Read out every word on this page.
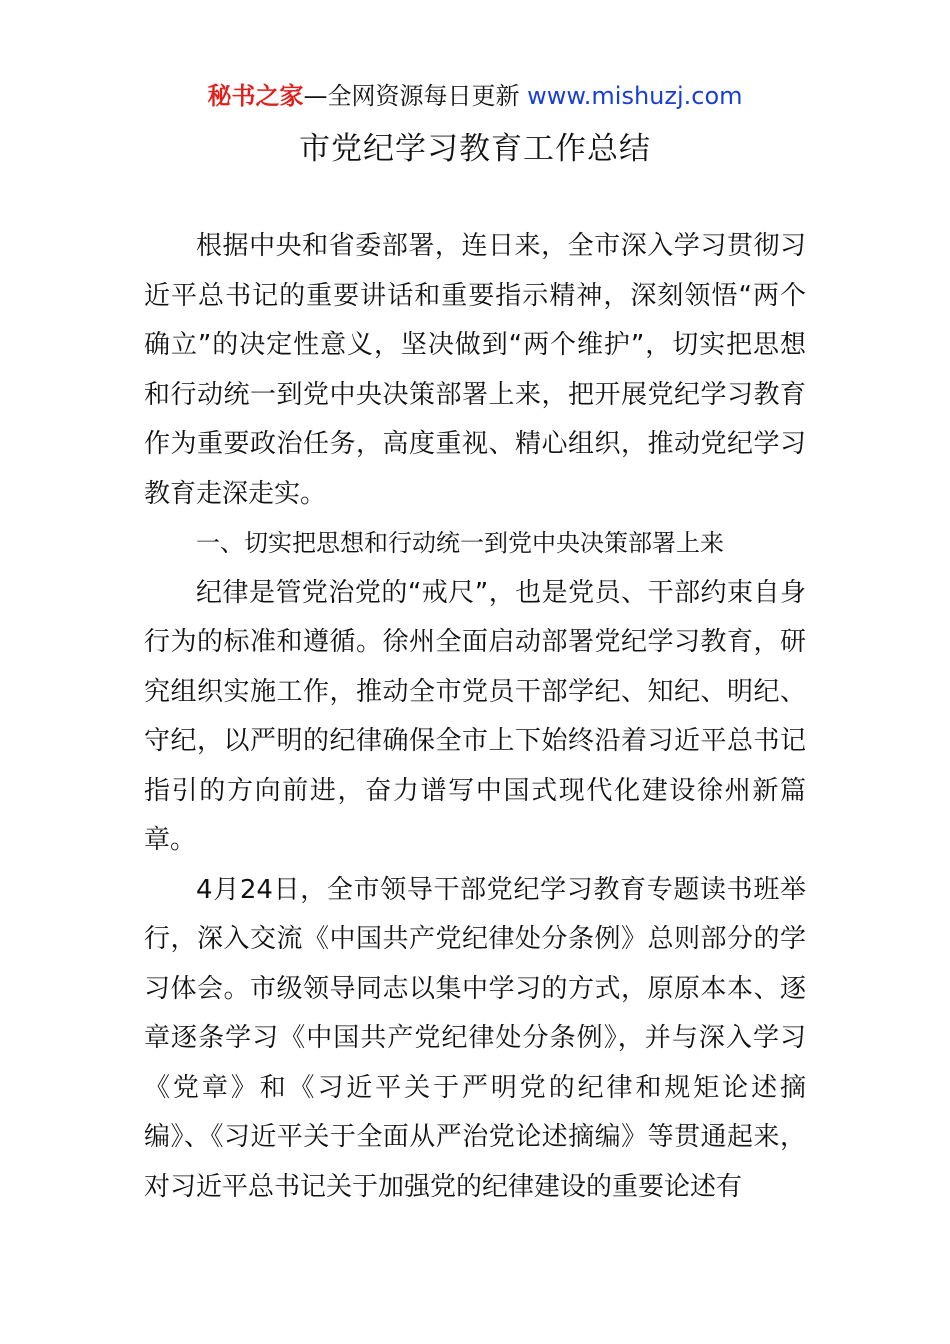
秘书之家—全网资源每日更新 www.mishuzj.com
市党纪学习教育工作总结

根据中央和省委部署，连日来，全市深入学习贯彻习近平总书记的重要讲话和重要指示精神，深刻领悟“两个确立”的决定性意义，坚决做到“两个维护”，切实把思想和行动统一到党中央决策部署上来，把开展党纪学习教育作为重要政治任务，高度重视、精心组织，推动党纪学习教育走深走实。

一、切实把思想和行动统一到党中央决策部署上来

纪律是管党治党的“戒尺”，也是党员、干部约束自身行为的标准和遵循。徐州全面启动部署党纪学习教育，研究组织实施工作，推动全市党员干部学纪、知纪、明纪、守纪，以严明的纪律确保全市上下始终沿着习近平总书记指引的方向前进，奋力谱写中国式现代化建设徐州新篇章。

4月24日，全市领导干部党纪学习教育专题读书班举行，深入交流《中国共产党纪律处分条例》总则部分的学习体会。市级领导同志以集中学习的方式，原原本本、逐章逐条学习《中国共产党纪律处分条例》，并与深入学习《党章》和《习近平关于严明党的纪律和规矩论述摘编》、《习近平关于全面从严治党论述摘编》等贯通起来，对习近平总书记关于加强党的纪律建设的重要论述有
